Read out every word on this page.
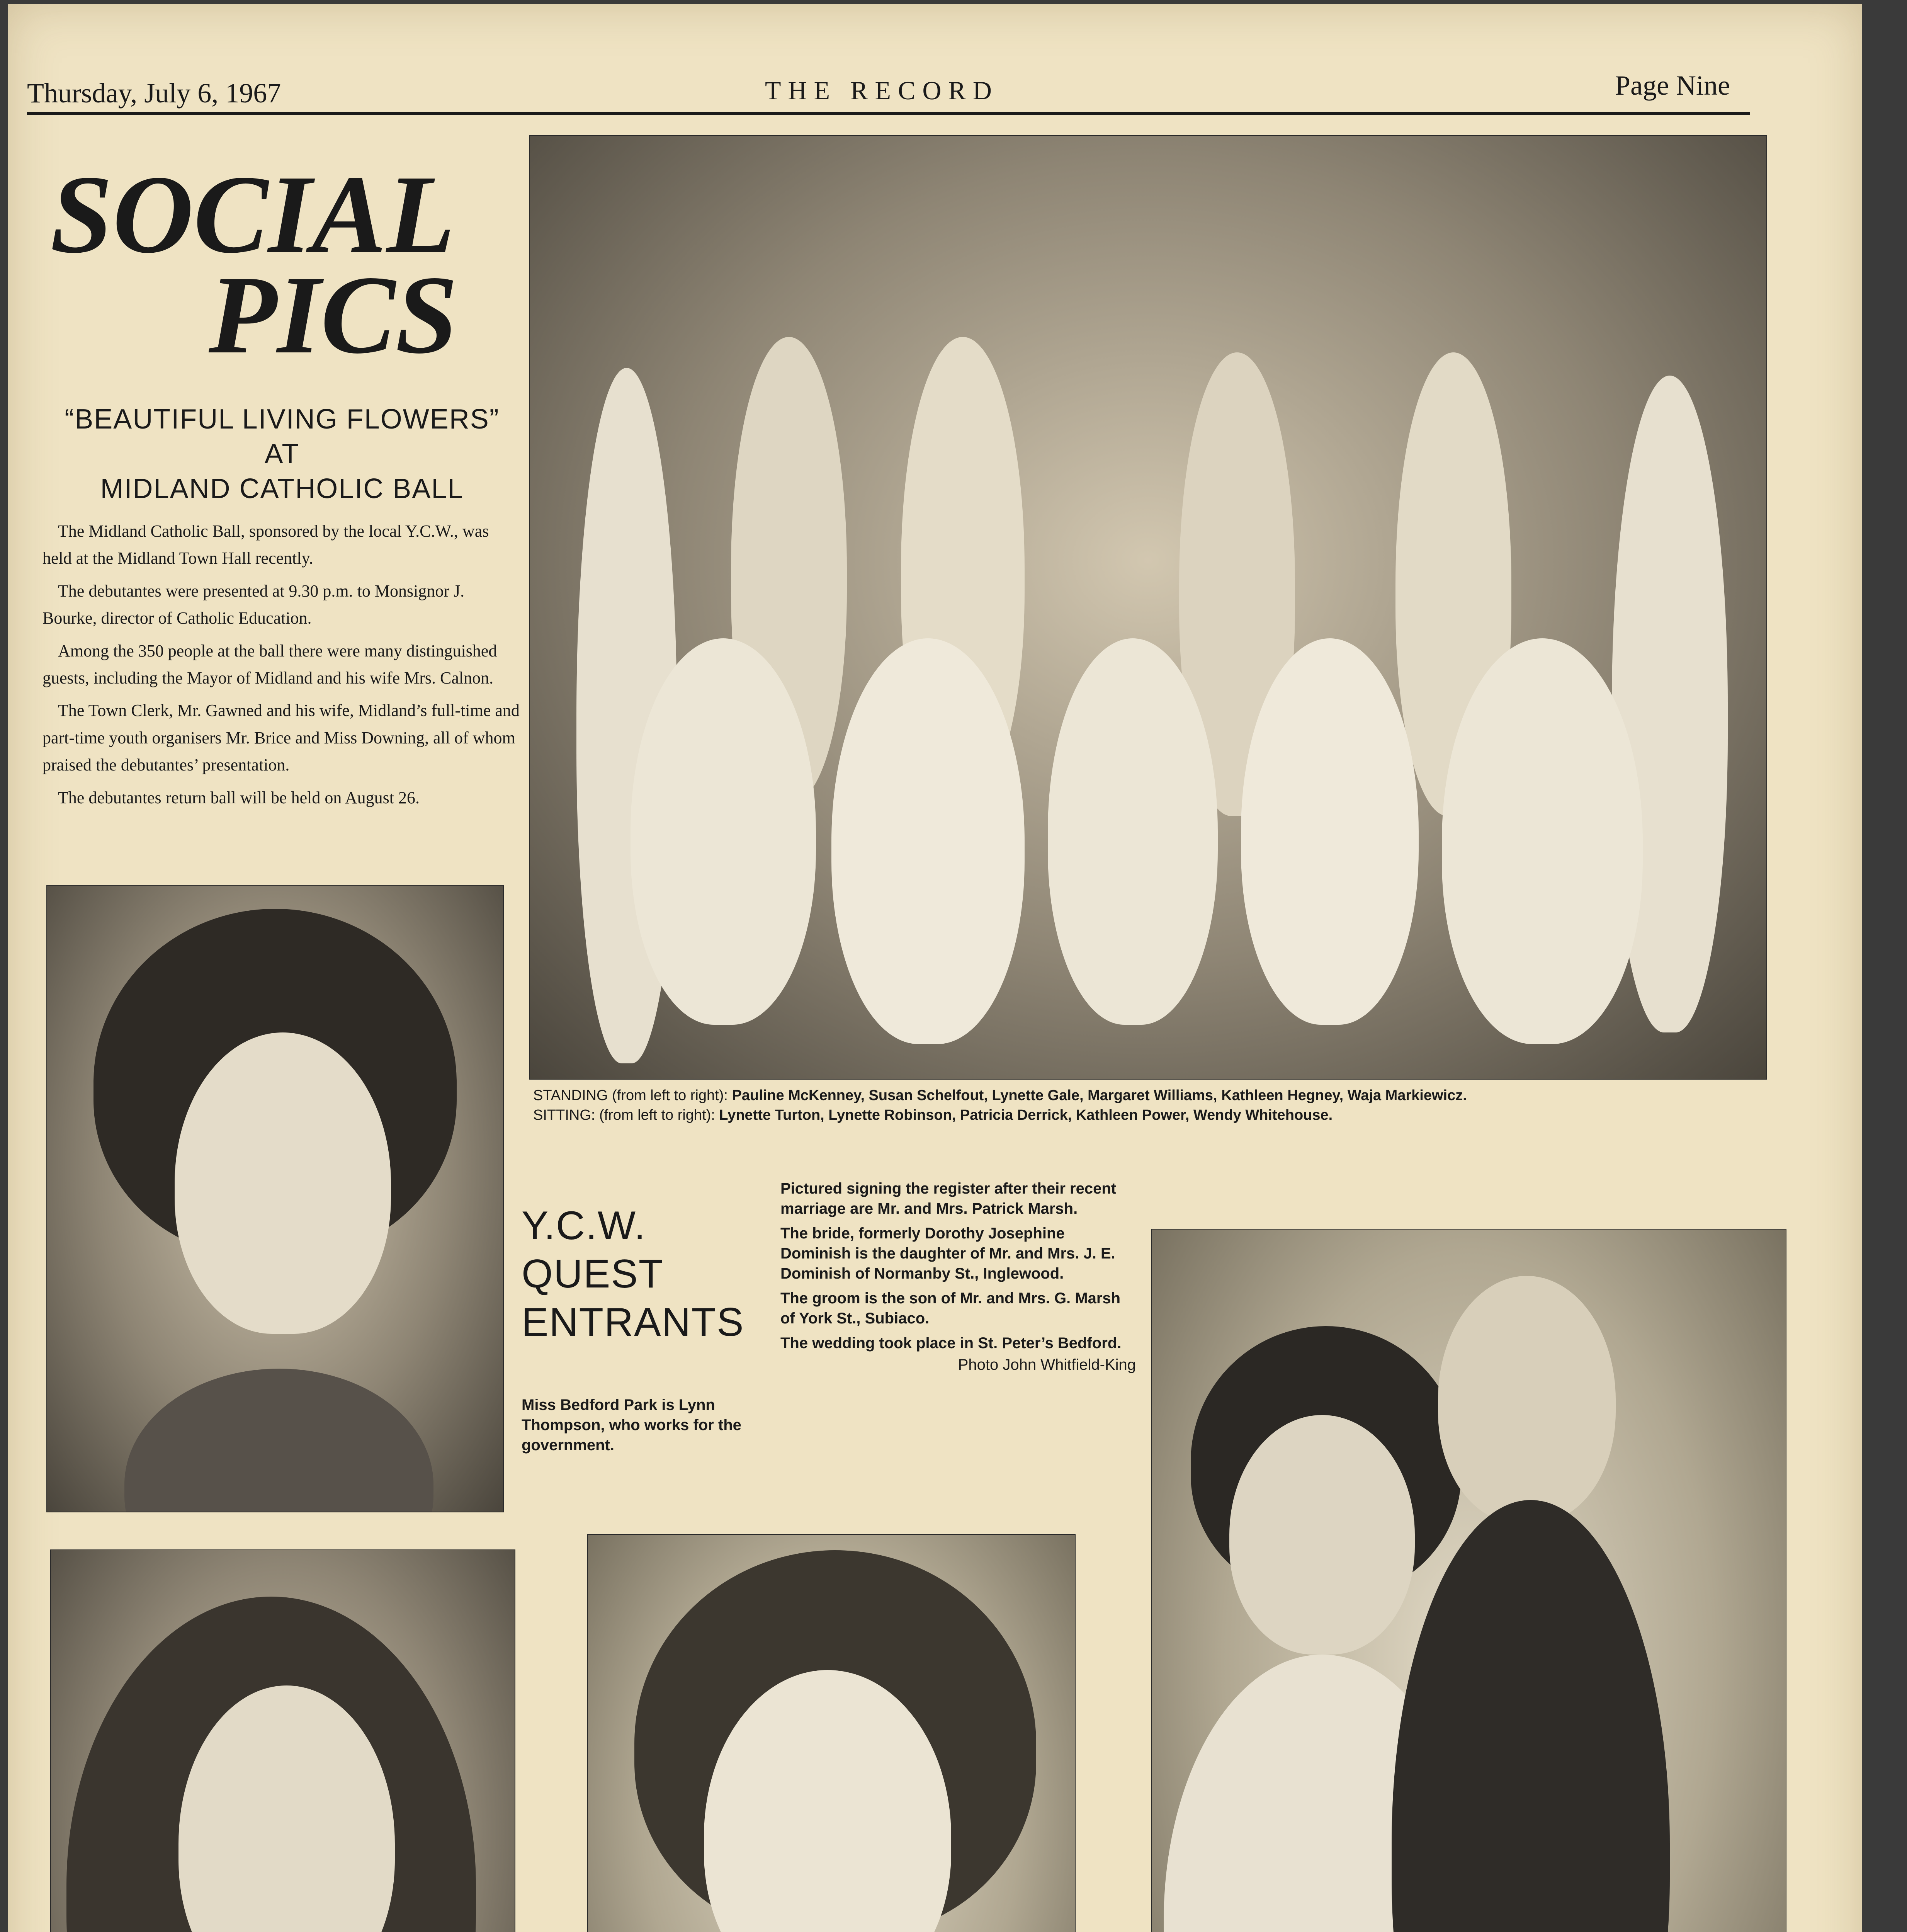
Thursday, July 6, 1967	THE RECORD	Page Nine
SOCIAL
PICS
“BEAUTIFUL LIVING FLOWERS”
AT
MIDLAND CATHOLIC BALL

The Midland Catholic Ball, sponsored by the local Y.C.W., was held at the Midland Town Hall recently.

The debutantes were presented at 9.30 p.m. to Monsignor J. Bourke, director of Catholic Education.

Among the 350 people at the ball there were many distinguished guests, including the Mayor of Midland and his wife Mrs. Calnon.

The Town Clerk, Mr. Gawned and his wife, Midland’s full-time and part-time youth organisers Mr. Brice and Miss Downing, all of whom praised the debutantes’ presentation.

The debutantes return ball will be held on August 26.

STANDING (from left to right): Pauline McKenney, Susan Schelfout, Lynette Gale, Margaret Williams, Kathleen Hegney, Waja Markiewicz.
SITTING: (from left to right): Lynette Turton, Lynette Robinson, Patricia Derrick, Kathleen Power, Wendy Whitehouse.
Y.C.W.
QUEST
ENTRANTS
Miss Bedford Park is Lynn Thompson, who works for the government.
Pictured signing the register after their recent marriage are Mr. and Mrs. Patrick Marsh.
The bride, formerly Dorothy Josephine Dominish is the daughter of Mr. and Mrs. J. E. Dominish of Normanby St., Inglewood.
The groom is the son of Mr. and Mrs. G. Marsh of York St., Subiaco.
The wedding took place in St. Peter’s Bedford.
Photo John Whitfield-King
